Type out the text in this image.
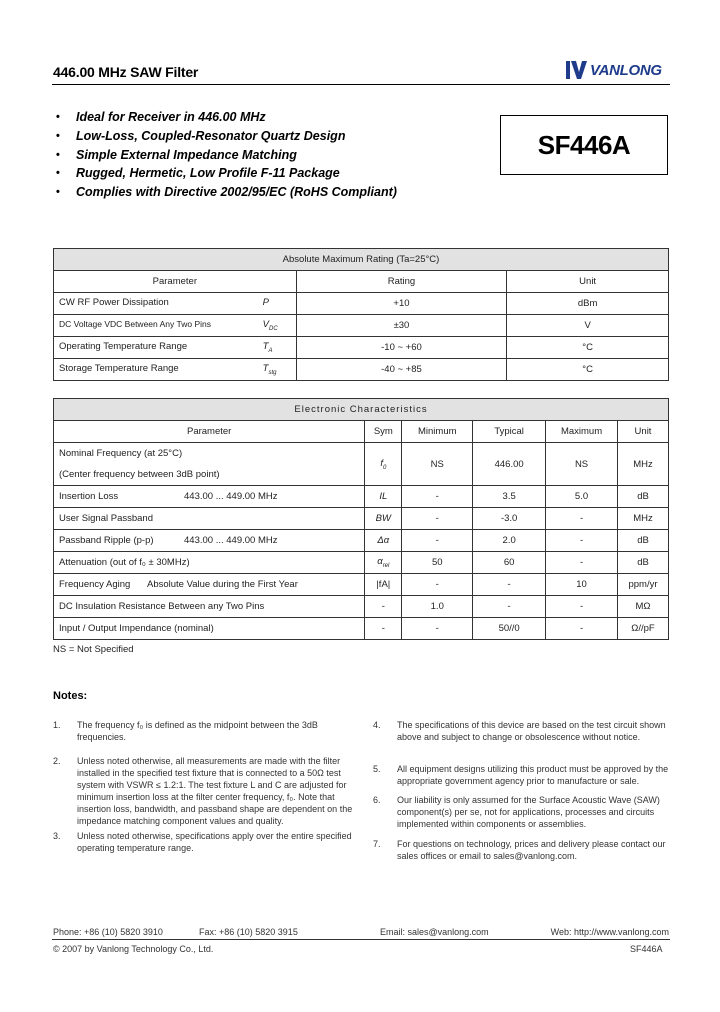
446.00 MHz SAW Filter	VANLONG
• Ideal for Receiver in 446.00 MHz
• Low-Loss, Coupled-Resonator Quartz Design
• Simple External Impedance Matching
• Rugged, Hermetic, Low Profile F-11 Package
• Complies with Directive 2002/95/EC (RoHS Compliant)
SF446A
Absolute Maximum Rating (Ta=25°C)		
Parameter	Rating	Unit

CW RF Power Dissipation P	+10	dBm

DC Voltage VDC Between Any Two Pins $V_{DC}$	±30	V

Operating Temperature Range $T_A$	-10 ~ +60	°C

Storage Temperature Range $T_{stg}$	-40 ~ +85	°C
Electronic Characteristics					
Parameter	Sym	Minimum	Typical	Maximum	Unit

Nominal Frequency (at 25°C)
(Center frequency between 3dB point)	$f_0$	NS	446.00	NS	MHz
Insertion Loss 443.00 ... 449.00 MHz	IL	-	3.5	5.0	dB
User Signal Passband	BW	-	-3.0	-	MHz
Passband Ripple (p-p) 443.00 ... 449.00 MHz	Δα	-	2.0	-	dB
Attenuation (out of f₀ ± 30MHz)	$\alpha_{rel}$	50	60	-	dB
Frequency Aging Absolute Value during the First Year	|fA|	-	-	10	ppm/yr
DC Insulation Resistance Between any Two Pins	-	1.0	-	-	MΩ
Input / Output Impendance (nominal)	-	-	50//0	-	Ω//pF
NS = Not Specified
Notes:
1. The frequency f₀ is defined as the midpoint between the 3dB frequencies.
2. Unless noted otherwise, all measurements are made with the filter installed in the specified test fixture that is connected to a 50Ω test system with VSWR ≤ 1.2:1. The test fixture L and C are adjusted for minimum insertion loss at the filter center frequency, f₀. Note that insertion loss, bandwidth, and passband shape are dependent on the impedance matching component values and quality.
3. Unless noted otherwise, specifications apply over the entire specified operating temperature range.
4. The specifications of this device are based on the test circuit shown above and subject to change or obsolescence without notice.
5. All equipment designs utilizing this product must be approved by the appropriate government agency prior to manufacture or sale.
6. Our liability is only assumed for the Surface Acoustic Wave (SAW) component(s) per se, not for applications, processes and circuits implemented within components or assemblies.
7. For questions on technology, prices and delivery please contact our sales offices or email to sales@vanlong.com.
Phone: +86 (10) 5820 3910	Fax: +86 (10) 5820 3915	Email: sales@vanlong.com	Web: http://www.vanlong.com
© 2007 by Vanlong Technology Co., Ltd.	SF446A
